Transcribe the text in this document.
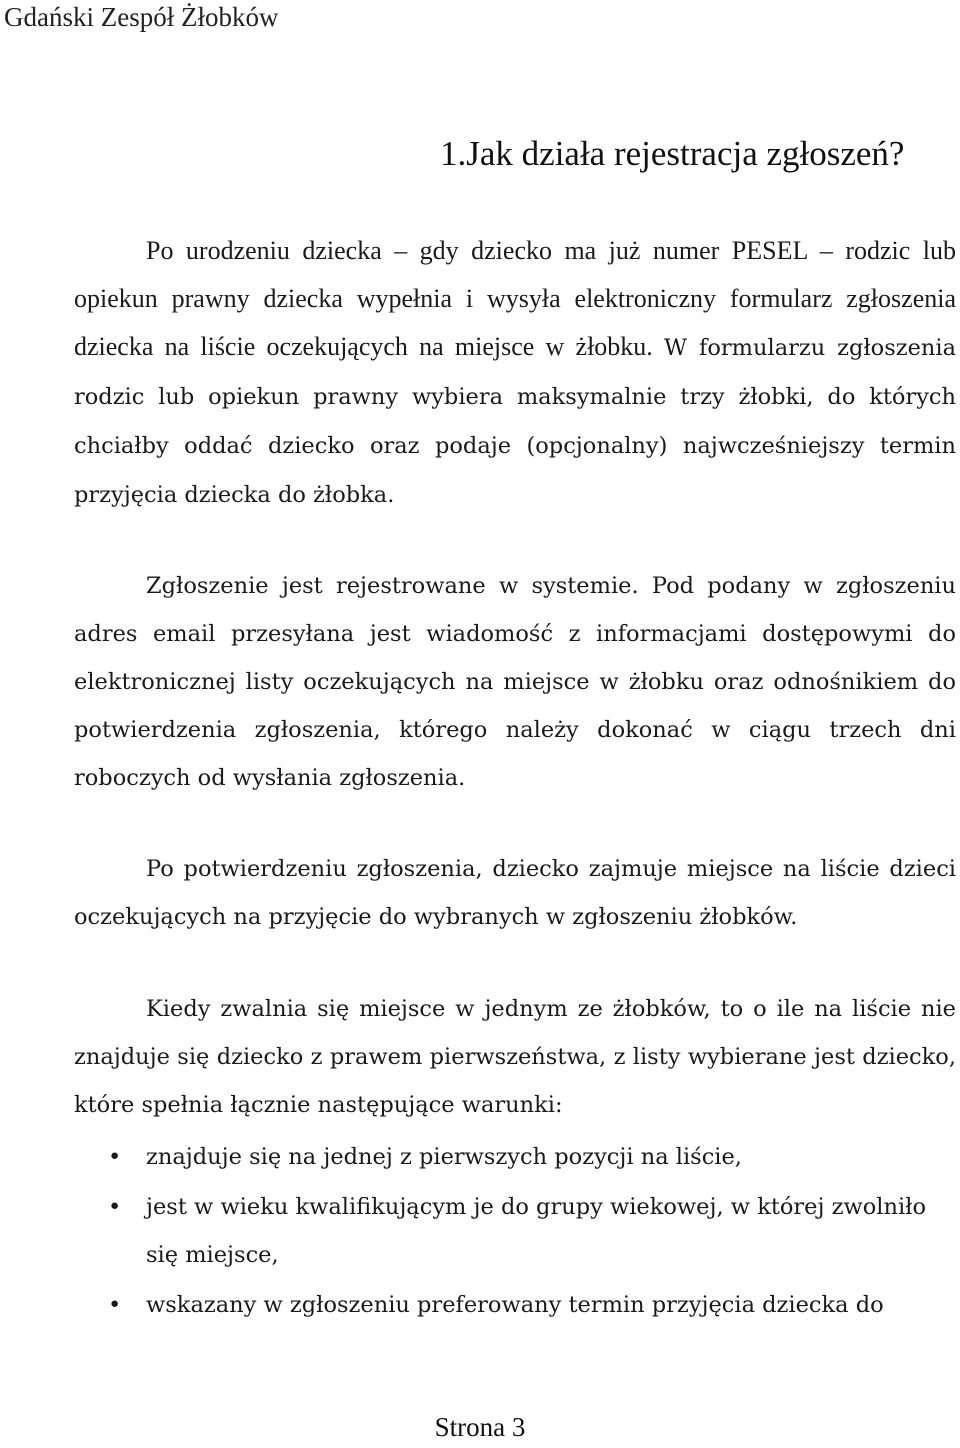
Gdański Zespół Żłobków
1.Jak działa rejestracja zgłoszeń?

Po urodzeniu dziecka – gdy dziecko ma już numer PESEL – rodzic lub opiekun prawny dziecka wypełnia i wysyła elektroniczny formularz zgłoszenia dziecka na liście oczekujących na miejsce w żłobku. W formularzu zgłoszenia rodzic lub opiekun prawny wybiera maksymalnie trzy żłobki, do których chciałby oddać dziecko oraz podaje (opcjonalny) najwcześniejszy termin przyjęcia dziecka do żłobka.

Zgłoszenie jest rejestrowane w systemie. Pod podany w zgłoszeniu adres email przesyłana jest wiadomość z informacjami dostępowymi do elektronicznej listy oczekujących na miejsce w żłobku oraz odnośnikiem do potwierdzenia zgłoszenia, którego należy dokonać w ciągu trzech dni roboczych od wysłania zgłoszenia.

Po potwierdzeniu zgłoszenia, dziecko zajmuje miejsce na liście dzieci oczekujących na przyjęcie do wybranych w zgłoszeniu żłobków.

Kiedy zwalnia się miejsce w jednym ze żłobków, to o ile na liście nie znajduje się dziecko z prawem pierwszeństwa, z listy wybierane jest dziecko, które spełnia łącznie następujące warunki:

• znajduje się na jednej z pierwszych pozycji na liście,
• jest w wieku kwalifikującym je do grupy wiekowej, w której zwolniło się miejsce,
• wskazany w zgłoszeniu preferowany termin przyjęcia dziecka do
Strona 3
